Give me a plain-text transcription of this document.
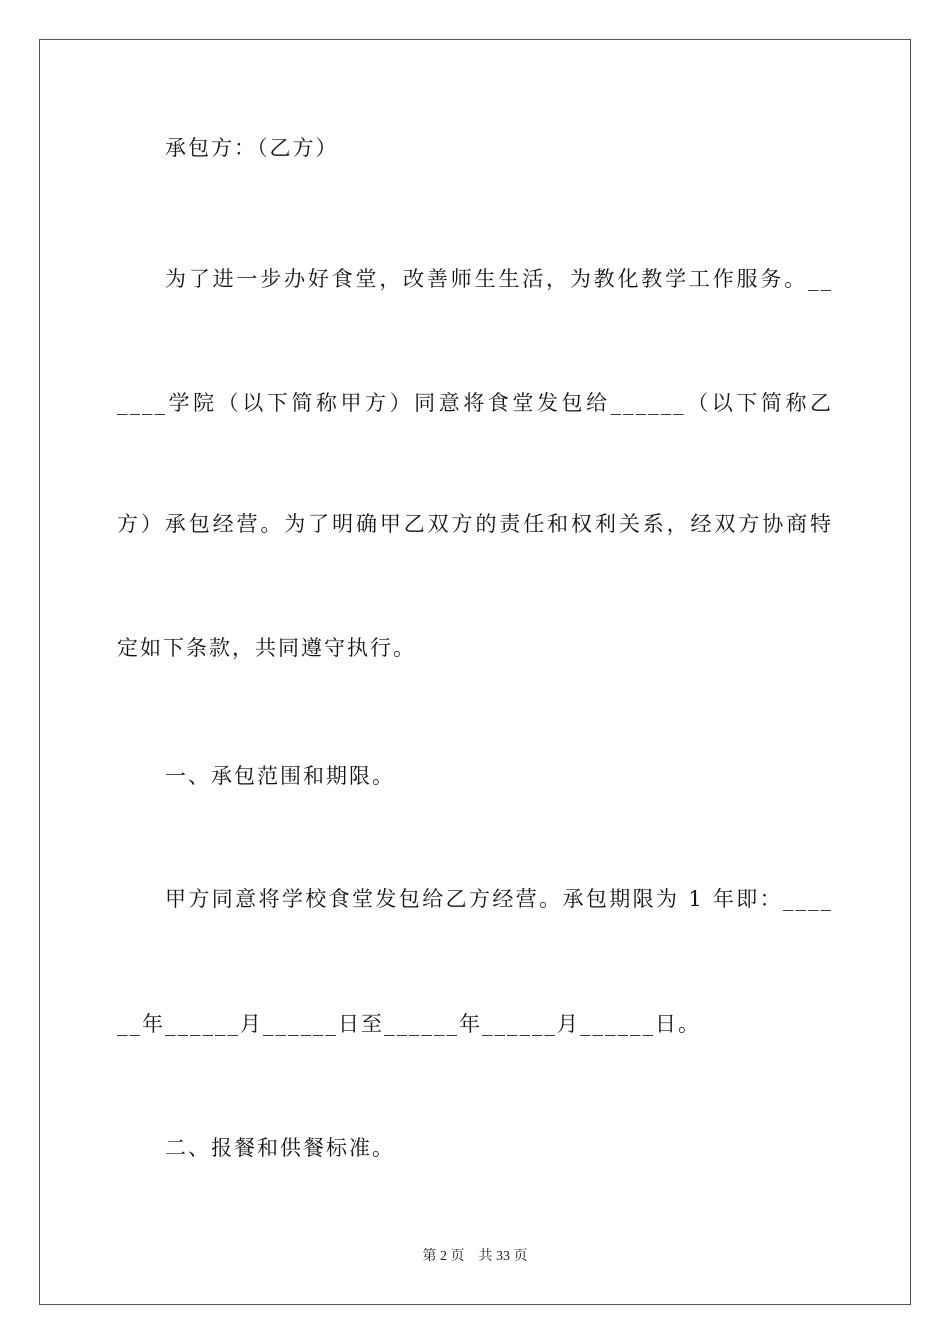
承包方：（乙方）
为了进一步办好食堂，改善师生生活，为教化教学工作服务。__
____学院（以下简称甲方）同意将食堂发包给______（以下简称乙
方）承包经营。为了明确甲乙双方的责任和权利关系，经双方协商特
定如下条款，共同遵守执行。
一、承包范围和期限。
甲方同意将学校食堂发包给乙方经营。承包期限为 1 年即：____
__年______月______日至______年______月______日。
二、报餐和供餐标准。
第 2 页 共 33 页
